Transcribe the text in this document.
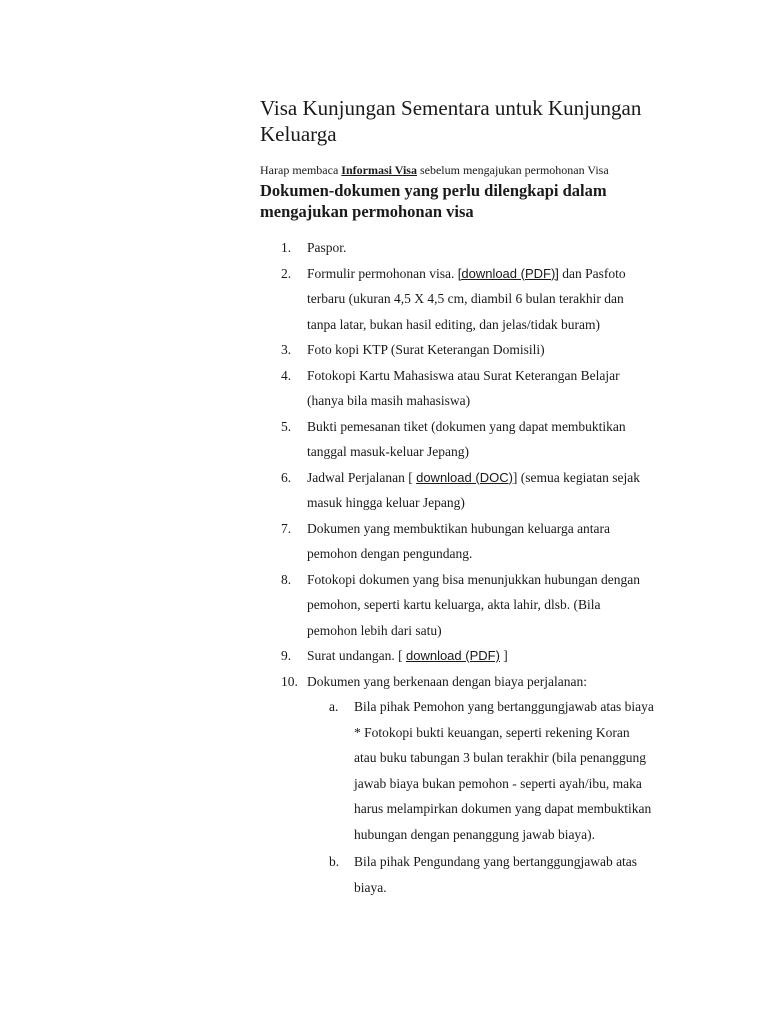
Visa Kunjungan Sementara untuk Kunjungan Keluarga
Harap membaca Informasi Visa sebelum mengajukan permohonan Visa
Dokumen-dokumen yang perlu dilengkapi dalam mengajukan permohonan visa
1.	Paspor.
2.	Formulir permohonan visa. [download (PDF)] dan Pasfoto terbaru (ukuran 4,5 X 4,5 cm, diambil 6 bulan terakhir dan tanpa latar, bukan hasil editing, dan jelas/tidak buram)
3.	Foto kopi KTP (Surat Keterangan Domisili)
4.	Fotokopi Kartu Mahasiswa atau Surat Keterangan Belajar (hanya bila masih mahasiswa)
5.	Bukti pemesanan tiket (dokumen yang dapat membuktikan tanggal masuk-keluar Jepang)
6.	Jadwal Perjalanan [ download (DOC)] (semua kegiatan sejak masuk hingga keluar Jepang)
7.	Dokumen yang membuktikan hubungan keluarga antara pemohon dengan pengundang.
8.	Fotokopi dokumen yang bisa menunjukkan hubungan dengan pemohon, seperti kartu keluarga, akta lahir, dlsb. (Bila pemohon lebih dari satu)
9.	Surat undangan. [ download (PDF) ]
10. Dokumen yang berkenaan dengan biaya perjalanan:
a.	Bila pihak Pemohon yang bertanggungjawab atas biaya
* Fotokopi bukti keuangan, seperti rekening Koran atau buku tabungan 3 bulan terakhir (bila penanggung jawab biaya bukan pemohon - seperti ayah/ibu, maka harus melampirkan dokumen yang dapat membuktikan hubungan dengan penanggung jawab biaya).
b.	Bila pihak Pengundang yang bertanggungjawab atas biaya.
